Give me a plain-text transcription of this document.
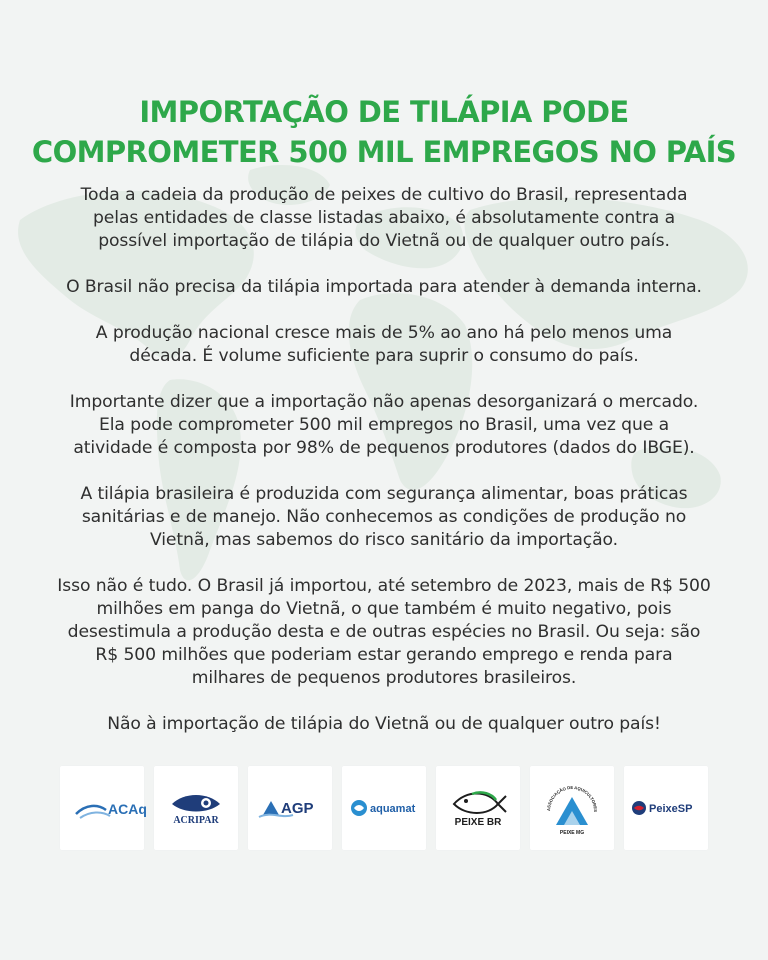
IMPORTAÇÃO DE TILÁPIA PODE
COMPROMETER 500 MIL EMPREGOS NO PAÍS

Toda a cadeia da produção de peixes de cultivo do Brasil, representada
pelas entidades de classe listadas abaixo, é absolutamente contra a
possível importação de tilápia do Vietnã ou de qualquer outro país.

O Brasil não precisa da tilápia importada para atender à demanda interna.

A produção nacional cresce mais de 5% ao ano há pelo menos uma
década. É volume suficiente para suprir o consumo do país.

Importante dizer que a importação não apenas desorganizará o mercado.
Ela pode comprometer 500 mil empregos no Brasil, uma vez que a
atividade é composta por 98% de pequenos produtores (dados do IBGE).

A tilápia brasileira é produzida com segurança alimentar, boas práticas
sanitárias e de manejo. Não conhecemos as condições de produção no
Vietnã, mas sabemos do risco sanitário da importação.

Isso não é tudo. O Brasil já importou, até setembro de 2023, mais de R$ 500
milhões em panga do Vietnã, o que também é muito negativo, pois
desestimula a produção desta e de outras espécies no Brasil. Ou seja: são
R$ 500 milhões que poderiam estar gerando emprego e renda para
milhares de pequenos produtores brasileiros.

Não à importação de tilápia do Vietnã ou de qualquer outro país!

ACAq
ACRIPAR
AGP	aquamat
PEIXE BR
ASSOCIAÇÃO DE AQUICULTORES
PEIXE MG
PeixeSP
